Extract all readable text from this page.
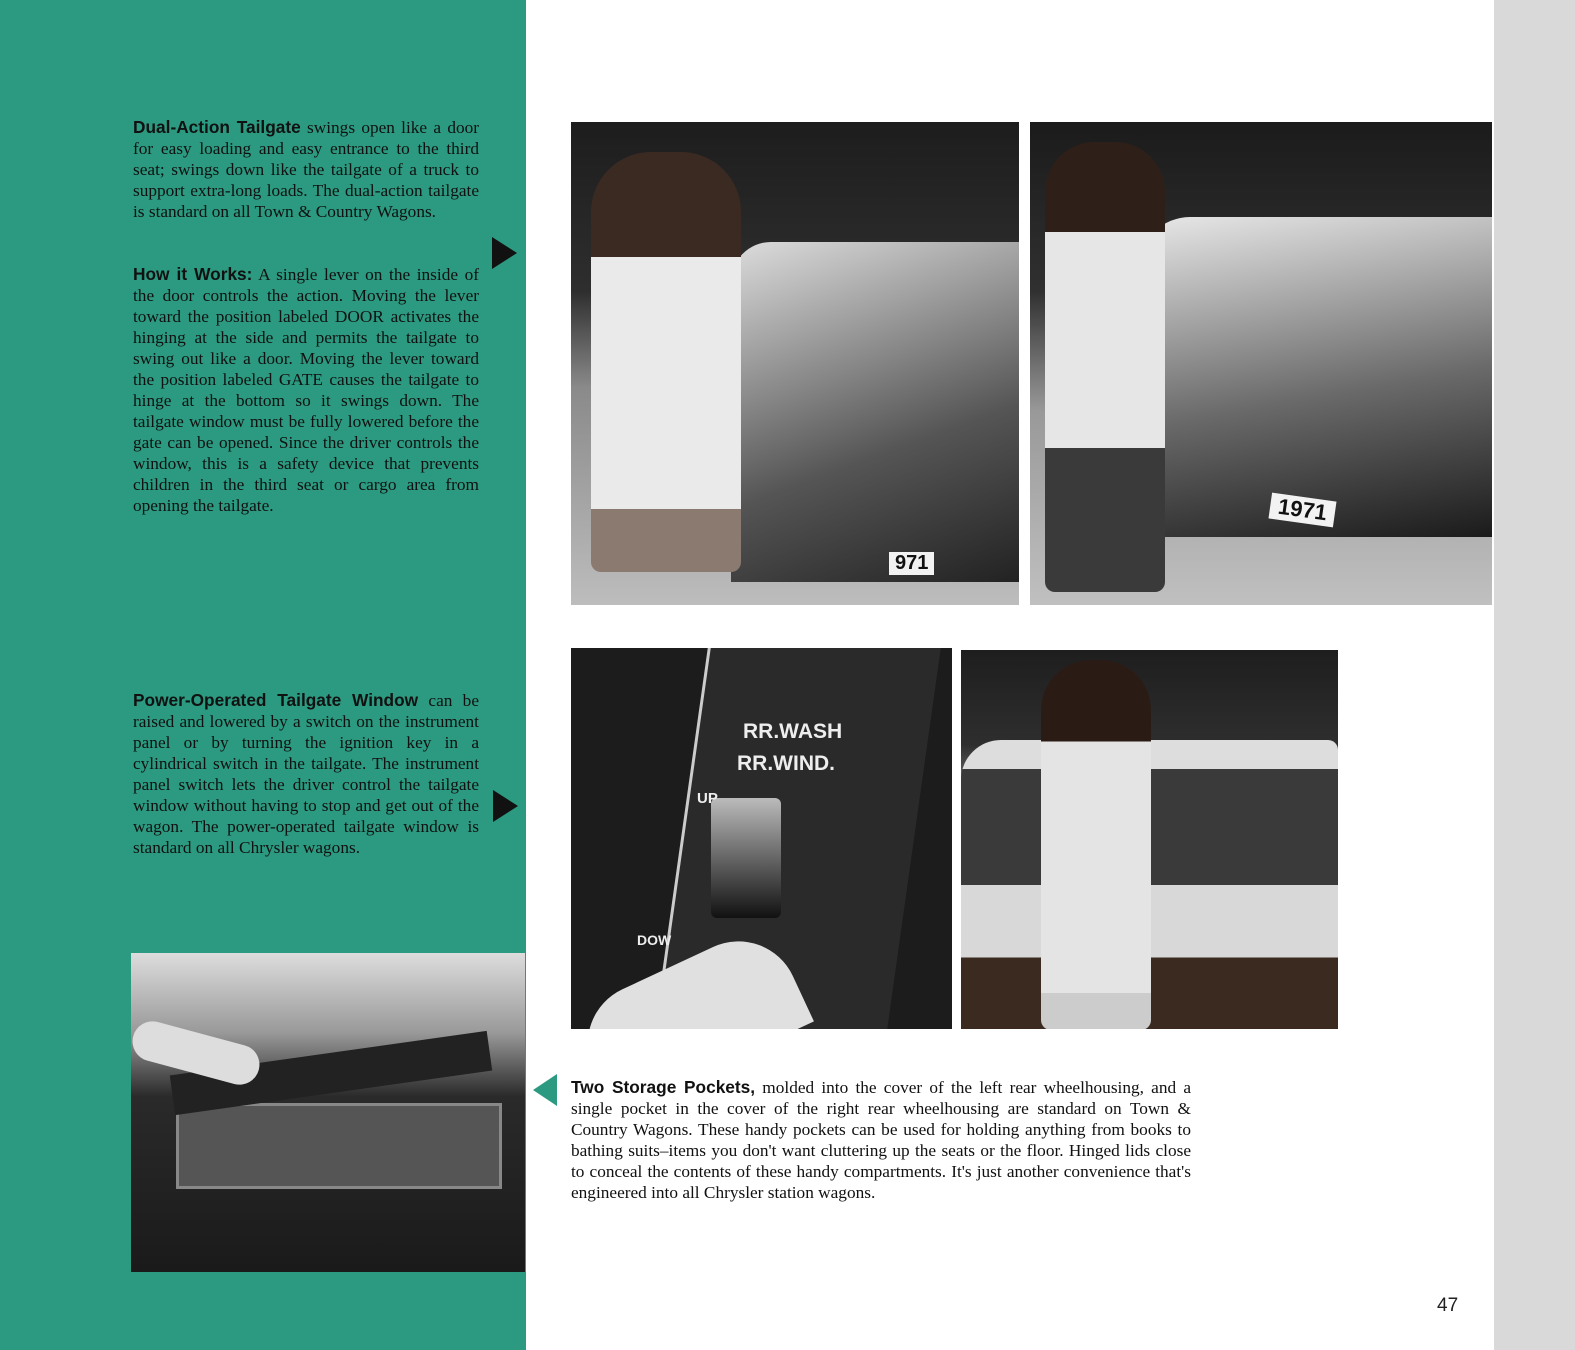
Dual-Action Tailgate swings open like a door for easy loading and easy entrance to the third seat; swings down like the tailgate of a truck to support extra-long loads. The dual-action tailgate is standard on all Town & Country Wagons.
How it Works: A single lever on the inside of the door controls the action. Moving the lever toward the position labeled DOOR activates the hinging at the side and permits the tailgate to swing out like a door. Moving the lever toward the position labeled GATE causes the tailgate to hinge at the bottom so it swings down. The tailgate window must be fully lowered before the gate can be opened. Since the driver controls the window, this is a safety device that prevents children in the third seat or cargo area from opening the tailgate.
Power-Operated Tailgate Window can be raised and lowered by a switch on the instrument panel or by turning the ignition key in a cylindrical switch in the tailgate. The instrument panel switch lets the driver control the tailgate window without having to stop and get out of the wagon. The power-operated tailgate window is standard on all Chrysler wagons.
Two Storage Pockets, molded into the cover of the left rear wheelhousing, and a single pocket in the cover of the right rear wheelhousing are standard on Town & Country Wagons. These handy pockets can be used for holding anything from books to bathing suits–items you don't want cluttering up the seats or the floor. Hinged lids close to conceal the contents of these handy compartments. It's just another convenience that's engineered into all Chrysler station wagons.
971
1971
RR.WASH
RR.WIND.
UP
DOW
47
